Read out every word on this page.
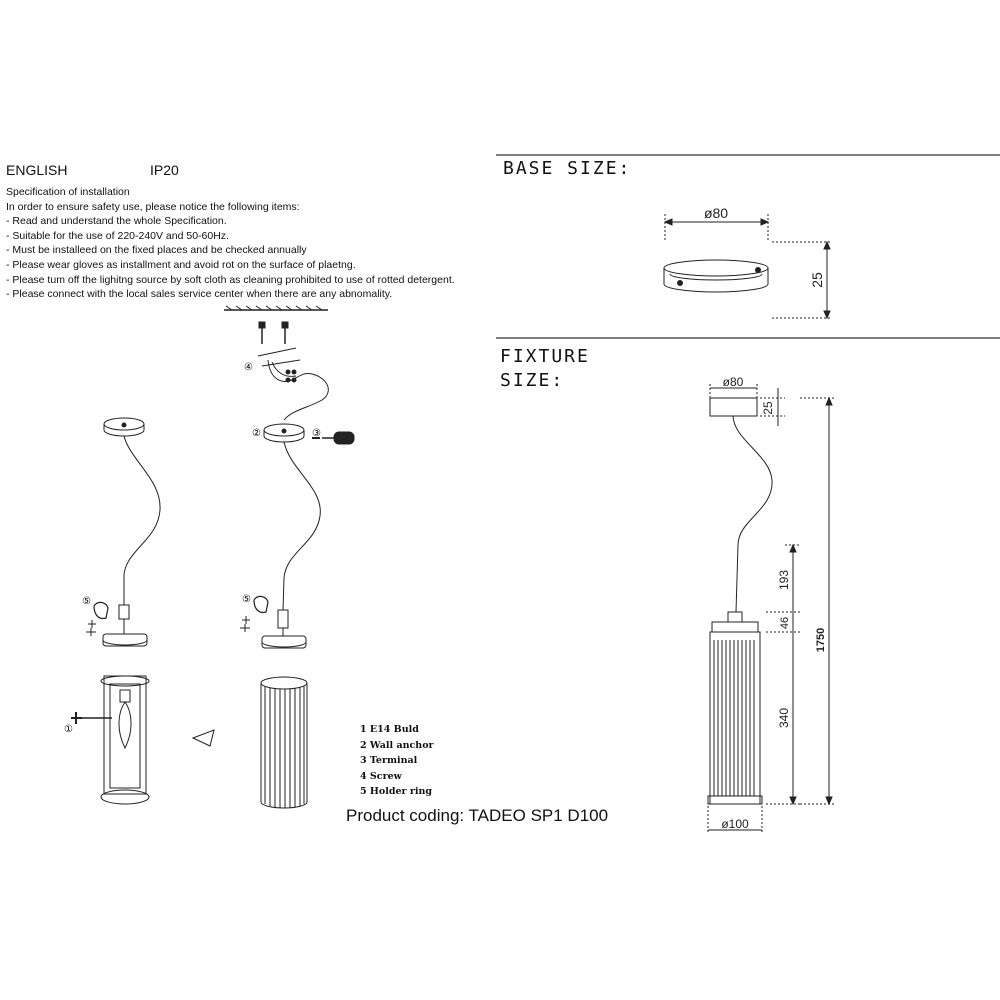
ENGLISH	IP20
Specification of installation
In order to ensure safety use, please notice the following items:
- Read and understand the whole Specification.
- Suitable for the use of 220-240V and 50-60Hz.
- Must be installeed on the fixed places and be checked annually
- Please wear gloves as installment and avoid rot on the surface of plaetng.
- Please tum off the lighitng source by soft cloth as cleaning prohibited to use of rotted detergent.
- Please connect with the local sales service center when there are any abnomality.
BASE SIZE:
FIXTURE
SIZE:
1 E14 Buld
2 Wall anchor
3 Terminal
4 Screw
5 Holder ring
Product coding: TADEO SP1 D100
ø80
25
ø80
25
193
46
340
1750
ø100
⑤
①
⑤
④
②	③
